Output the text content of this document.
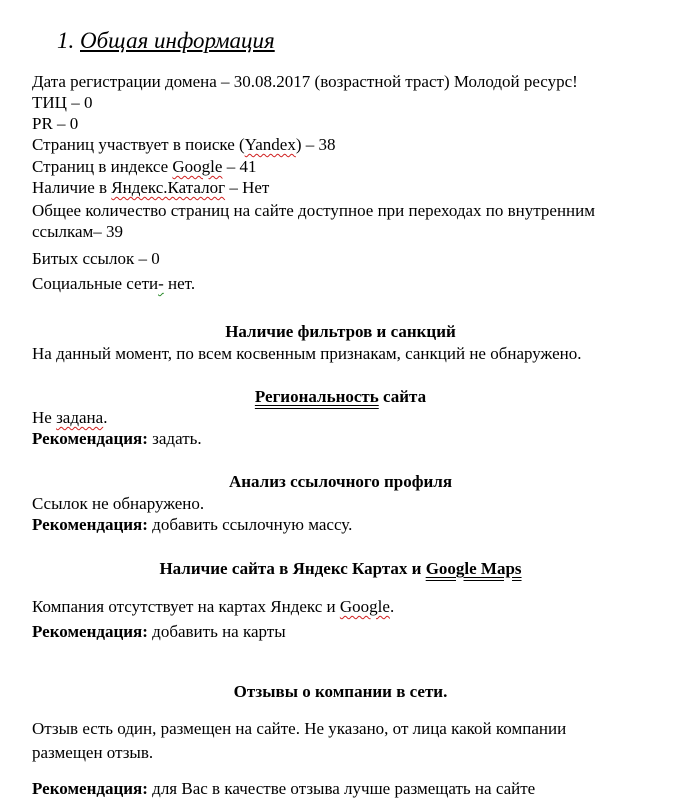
1. Общая информация
Дата регистрации домена – 30.08.2017 (возрастной траст) Молодой ресурс!
ТИЦ – 0
PR – 0
Страниц участвует в поиске (Yandex) – 38
Страниц в индексе Google – 41
Наличие в Яндекс.Каталог – Нет
Общее количество страниц на сайте доступное при переходах по внутренним
ссылкам– 39
Битых ссылок – 0
Социальные сети- нет.
Наличие фильтров и санкций
На данный момент, по всем косвенным признакам, санкций не обнаружено.
Региональность сайта
Не задана.
Рекомендация: задать.
Анализ ссылочного профиля
Ссылок не обнаружено.
Рекомендация: добавить ссылочную массу.
Наличие сайта в Яндекс Картах и Google Maps
Компания отсутствует на картах Яндекс и Google.
Рекомендация: добавить на карты
Отзывы о компании в сети.
Отзыв есть один, размещен на сайте. Не указано, от лица какой компании
размещен отзыв.
Рекомендация: для Вас в качестве отзыва лучше размещать на сайте
